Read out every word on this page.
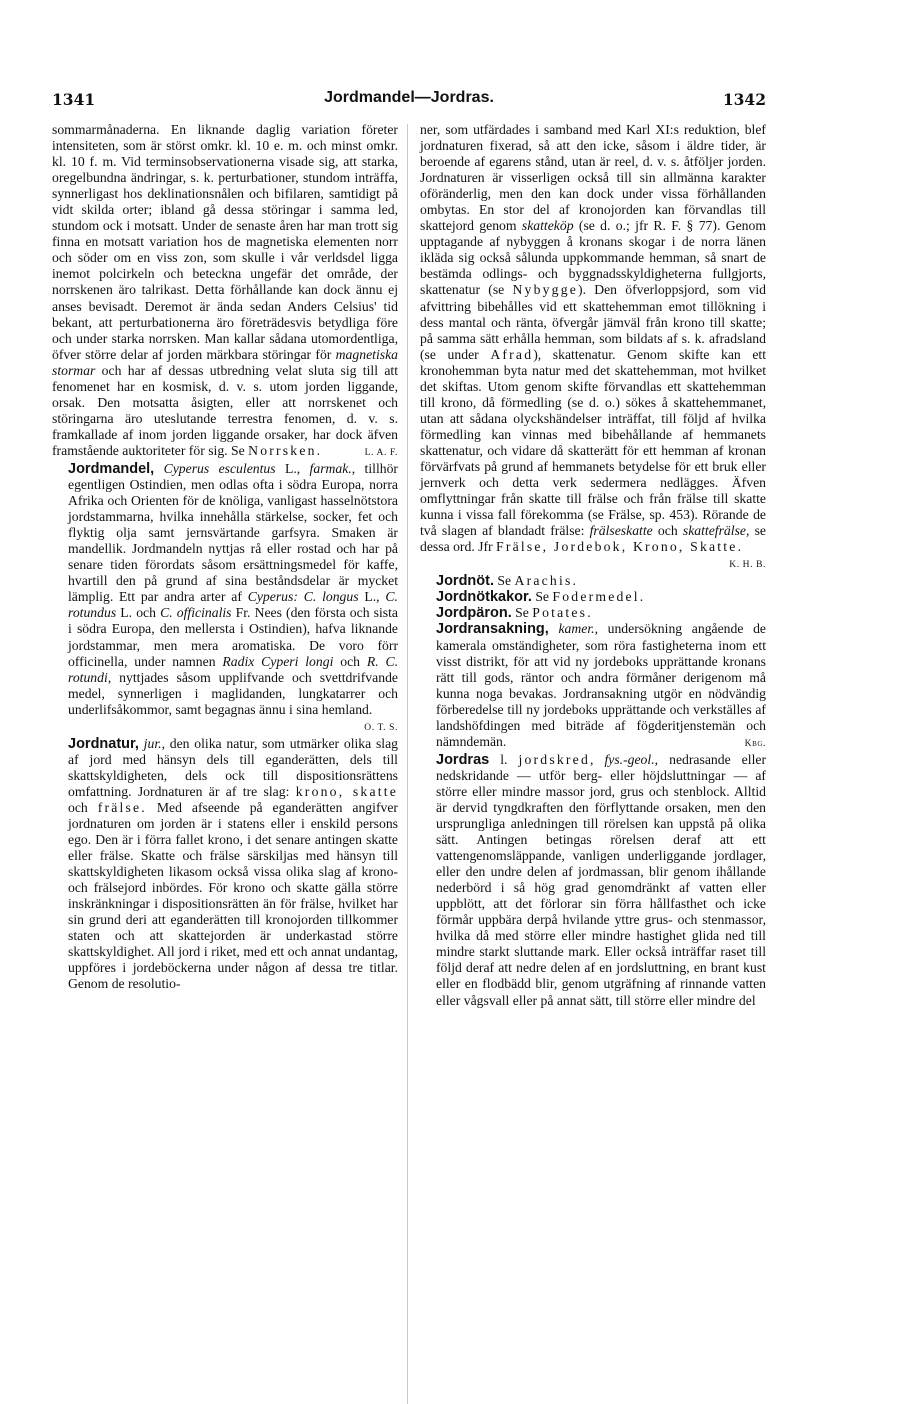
1341	Jordmandel—Jordras.	1342

sommarmånaderna. En liknande daglig variation företer intensiteten, som är störst omkr. kl. 10 e. m. och minst omkr. kl. 10 f. m. Vid terminsobservationerna visade sig, att starka, oregelbundna ändringar, s. k. perturbationer, stundom inträffa, synnerligast hos deklinationsnålen och bifilaren, samtidigt på vidt skilda orter; ibland gå dessa störingar i samma led, stundom ock i motsatt. Under de senaste åren har man trott sig finna en motsatt variation hos de magnetiska elementen norr och söder om en viss zon, som skulle i vår verldsdel ligga inemot polcirkeln och beteckna ungefär det område, der norrskenen äro talrikast. Detta förhållande kan dock ännu ej anses bevisadt. Deremot är ända sedan Anders Celsius' tid bekant, att perturbationerna äro företrädesvis betydliga före och under starka norrsken. Man kallar sådana utomordentliga, öfver större delar af jorden märkbara störingar för magnetiska stormar och har af dessas utbredning velat sluta sig till att fenomenet har en kosmisk, d. v. s. utom jorden liggande, orsak. Den motsatta åsigten, eller att norrskenet och störingarna äro uteslutande terrestra fenomen, d. v. s. framkallade af inom jorden liggande orsaker, har dock äfven framstående auktoriteter för sig. Se Norrsken.	L. A. F.

Jordmandel, Cyperus esculentus L., farmak., tillhör egentligen Ostindien, men odlas ofta i södra Europa, norra Afrika och Orienten för de knöliga, vanligast hasselnötstora jordstammarna, hvilka innehålla stärkelse, socker, fet och flyktig olja samt jernsvärtande garfsyra. Smaken är mandellik. Jordmandeln nyttjas rå eller rostad och har på senare tiden förordats såsom ersättningsmedel för kaffe, hvartill den på grund af sina beståndsdelar är mycket lämplig. Ett par andra arter af Cyperus: C. longus L., C. rotundus L. och C. officinalis Fr. Nees (den första och sista i södra Europa, den mellersta i Ostindien), hafva liknande jordstammar, men mera aromatiska. De voro förr officinella, under namnen Radix Cyperi longi och R. C. rotundi, nyttjades såsom upplifvande och svettdrifvande medel, synnerligen i maglidanden, lungkatarrer och underlifsåkommor, samt begagnas ännu i sina hemland.
O. T. S.

Jordnatur, jur., den olika natur, som utmärker olika slag af jord med hänsyn dels till eganderätten, dels till skattskyldigheten, dels ock till dispositionsrättens omfattning. Jordnaturen är af tre slag: krono, skatte och frälse. Med afseende på eganderätten angifver jordnaturen om jorden är i statens eller i enskild persons ego. Den är i förra fallet krono, i det senare antingen skatte eller frälse. Skatte och frälse särskiljas med hänsyn till skattskyldigheten likasom också vissa olika slag af krono- och frälsejord inbördes. För krono och skatte gälla större inskränkningar i dispositionsrätten än för frälse, hvilket har sin grund deri att eganderätten till kronojorden tillkommer staten och att skattejorden är underkastad större skattskyldighet. All jord i riket, med ett och annat undantag, uppföres i jordeböckerna under någon af dessa tre titlar. Genom de resolutio-

ner, som utfärdades i samband med Karl XI:s reduktion, blef jordnaturen fixerad, så att den icke, såsom i äldre tider, är beroende af egarens stånd, utan är reel, d. v. s. åtföljer jorden. Jordnaturen är visserligen också till sin allmänna karakter oföränderlig, men den kan dock under vissa förhållanden ombytas. En stor del af kronojorden kan förvandlas till skattejord genom skatteköp (se d. o.; jfr R. F. § 77). Genom upptagande af nybyggen å kronans skogar i de norra länen ikläda sig också sålunda uppkommande hemman, så snart de bestämda odlings- och byggnadsskyldigheterna fullgjorts, skattenatur (se Nybygge). Den öfverloppsjord, som vid afvittring bibehålles vid ett skattehemman emot tillökning i dess mantal och ränta, öfvergår jämväl från krono till skatte; på samma sätt erhålla hemman, som bildats af s. k. afradsland (se under Afrad), skattenatur. Genom skifte kan ett kronohemman byta natur med det skattehemman, mot hvilket det skiftas. Utom genom skifte förvandlas ett skattehemman till krono, då förmedling (se d. o.) sökes å skattehemmanet, utan att sådana olyckshändelser inträffat, till följd af hvilka förmedling kan vinnas med bibehållande af hemmanets skattenatur, och vidare då skatterätt för ett hemman af kronan förvärfvats på grund af hemmanets betydelse för ett bruk eller jernverk och detta verk sedermera nedlägges. Äfven omflyttningar från skatte till frälse och från frälse till skatte kunna i vissa fall förekomma (se Frälse, sp. 453). Rörande de två slagen af blandadt frälse: frälseskatte och skattefrälse, se dessa ord. Jfr Frälse, Jordebok, Krono, Skatte.
K. H. B.

Jordnöt. Se Arachis.

Jordnötkakor. Se Fodermedel.

Jordpäron. Se Potates.

Jordransakning, kamer., undersökning angående de kamerala omständigheter, som röra fastigheterna inom ett visst distrikt, för att vid ny jordeboks upprättande kronans rätt till gods, räntor och andra förmåner derigenom må kunna noga bevakas. Jordransakning utgör en nödvändig förberedelse till ny jordeboks upprättande och verkställes af landshöfdingen med biträde af fögderitjenstemän och nämndemän.	Kbg.

Jordras l. jordskred, fys.-geol., nedrasande eller nedskridande — utför berg- eller höjdsluttningar — af större eller mindre massor jord, grus och stenblock. Alltid är dervid tyngdkraften den förflyttande orsaken, men den ursprungliga anledningen till rörelsen kan uppstå på olika sätt. Antingen betingas rörelsen deraf att ett vattengenomsläppande, vanligen underliggande jordlager, eller den undre delen af jordmassan, blir genom ihållande nederbörd i så hög grad genomdränkt af vatten eller uppblött, att det förlorar sin förra hållfasthet och icke förmår uppbära derpå hvilande yttre grus- och stenmassor, hvilka då med större eller mindre hastighet glida ned till mindre starkt sluttande mark. Eller också inträffar raset till följd deraf att nedre delen af en jordsluttning, en brant kust eller en flodbädd blir, genom utgräfning af rinnande vatten eller vågsvall eller på annat sätt, till större eller mindre del
